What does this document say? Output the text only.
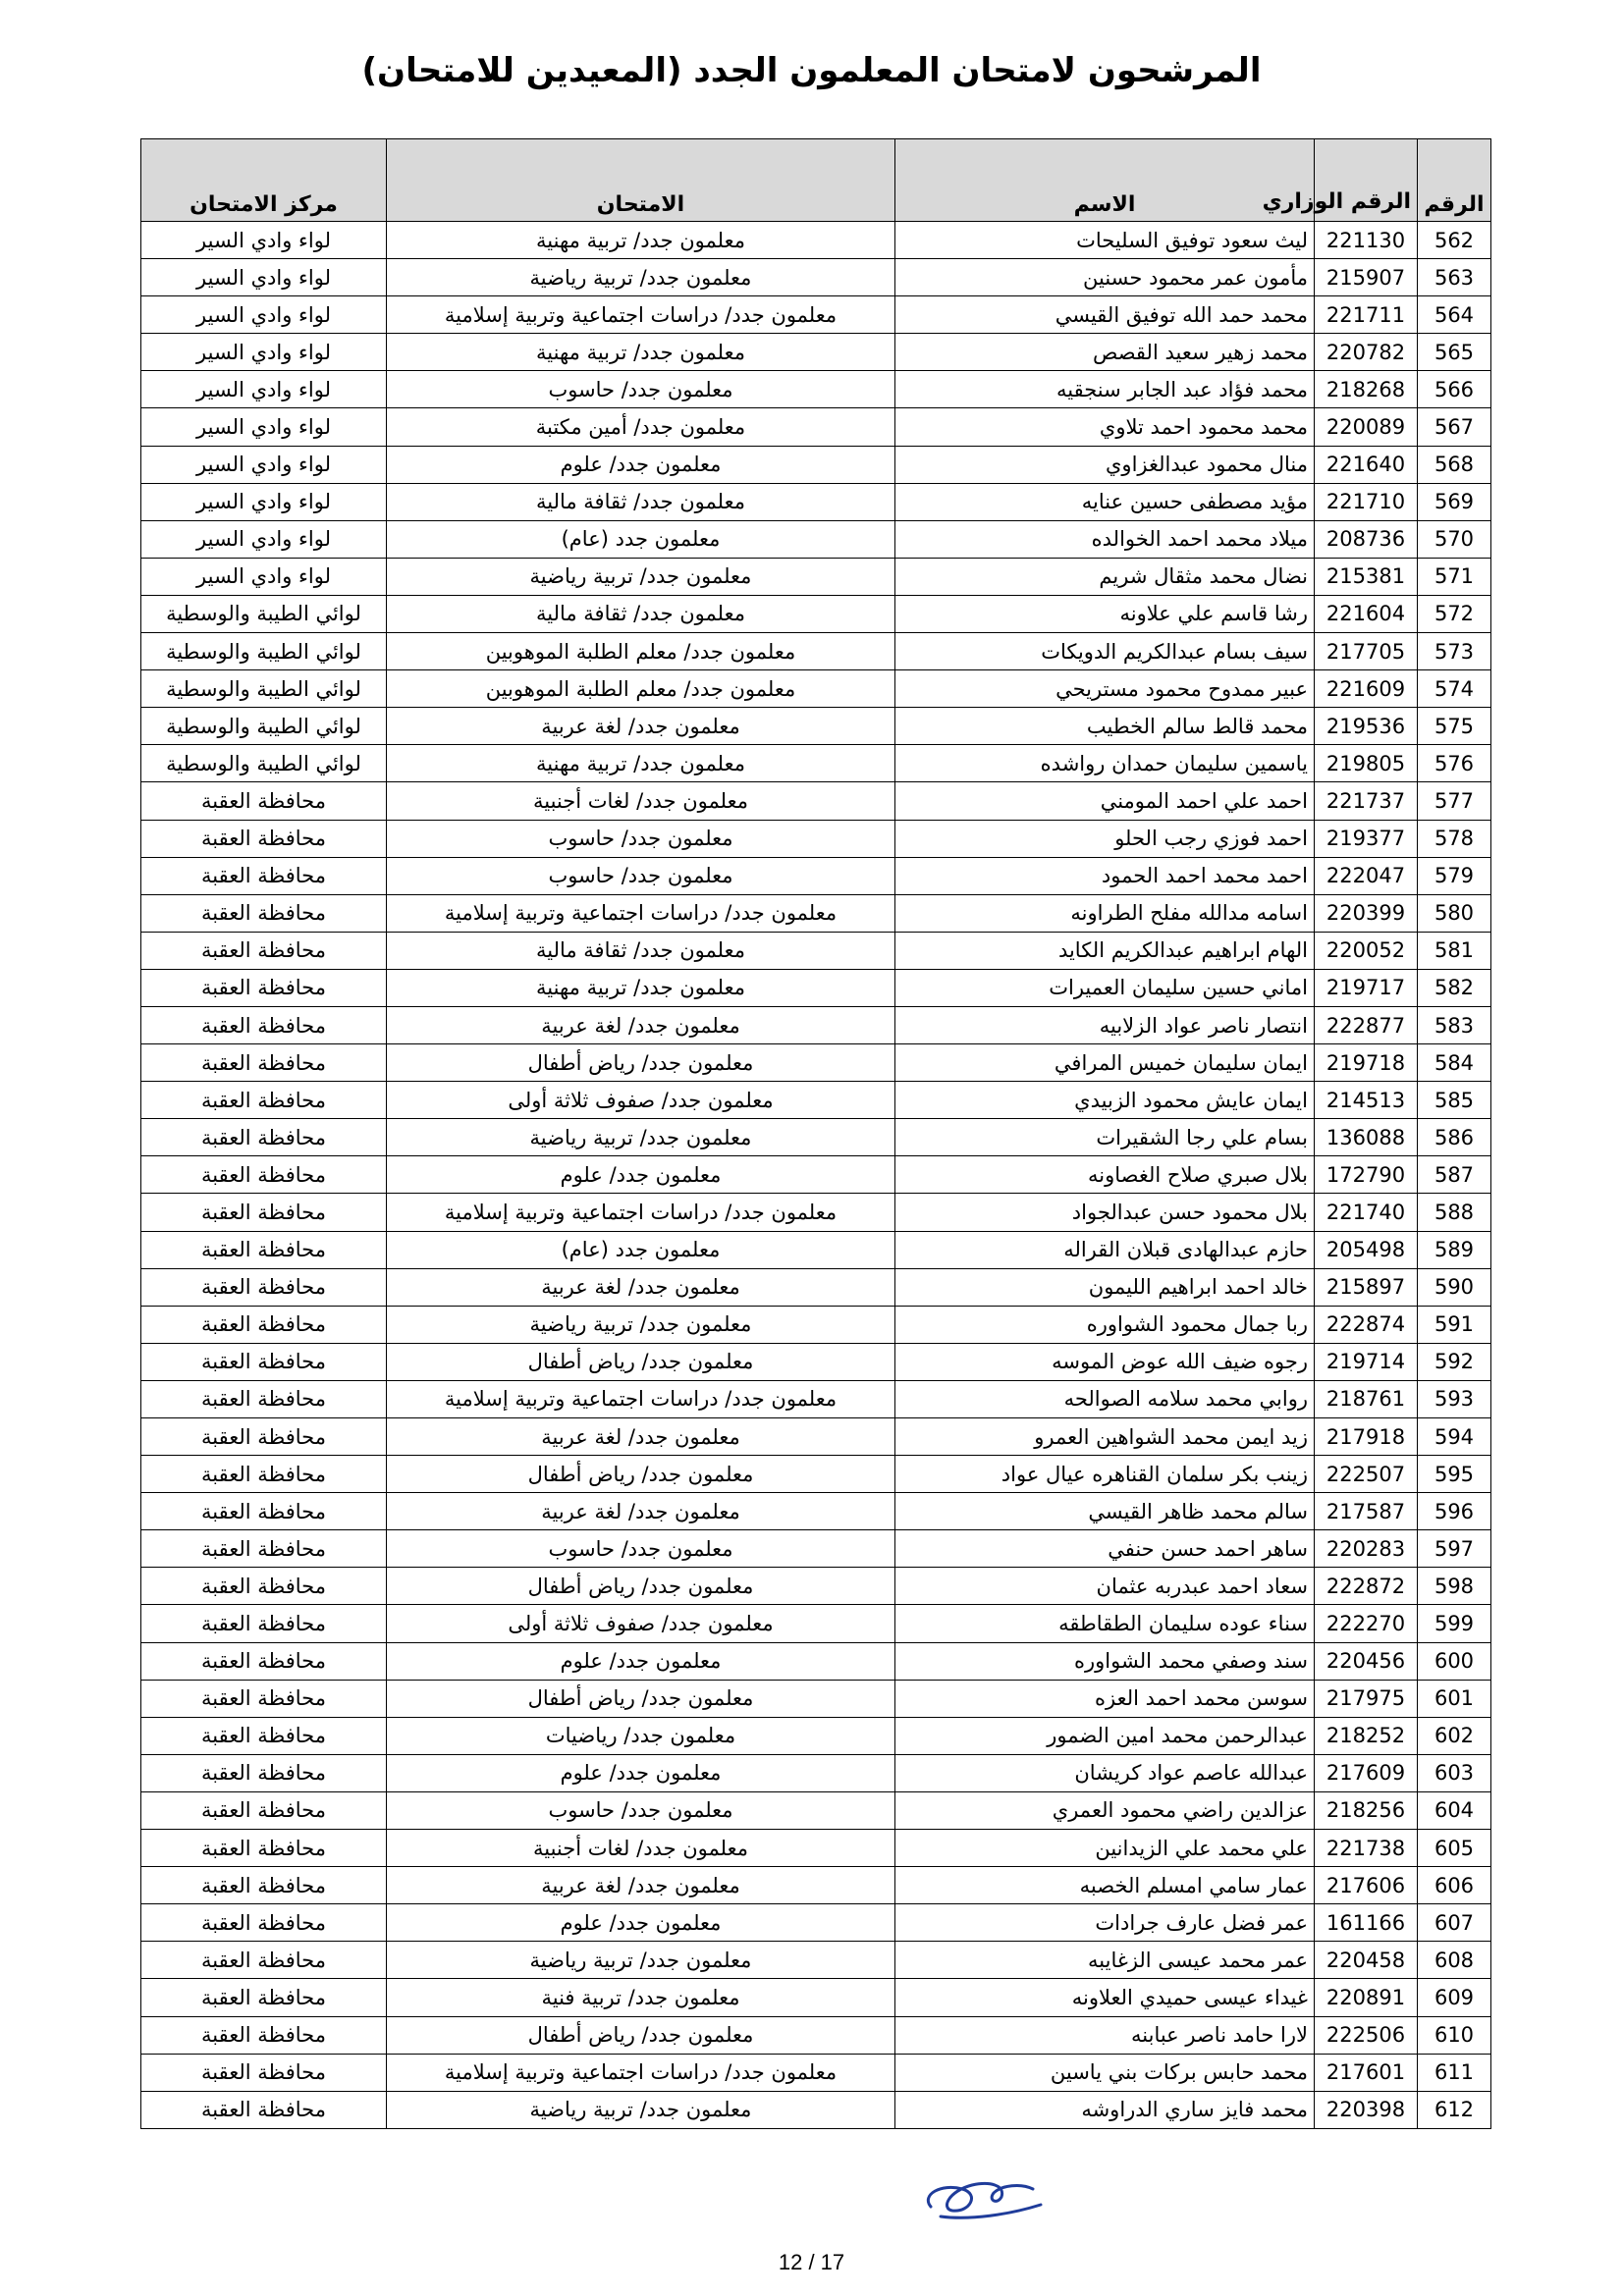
المرشحون لامتحان المعلمون الجدد (المعيدين للامتحان)
الرقم	الرقم الوزاري	الاسم	الامتحان	مركز الامتحان
562	221130	ليث سعود توفيق السليحات	معلمون جدد/ تربية مهنية	لواء وادي السير
563	215907	مأمون عمر محمود حسنين	معلمون جدد/ تربية رياضية	لواء وادي السير
564	221711	محمد حمد الله توفيق القيسي	معلمون جدد/ دراسات اجتماعية وتربية إسلامية	لواء وادي السير
565	220782	محمد زهير سعيد القصص	معلمون جدد/ تربية مهنية	لواء وادي السير
566	218268	محمد فؤاد عبد الجابر سنجقيه	معلمون جدد/ حاسوب	لواء وادي السير
567	220089	محمد محمود احمد تلاوي	معلمون جدد/ أمين مكتبة	لواء وادي السير
568	221640	منال محمود عبدالغزاوي	معلمون جدد/ علوم	لواء وادي السير
569	221710	مؤيد مصطفى حسين عنايه	معلمون جدد/ ثقافة مالية	لواء وادي السير
570	208736	ميلاد محمد احمد الخوالده	معلمون جدد (عام)	لواء وادي السير
571	215381	نضال محمد مثقال شريم	معلمون جدد/ تربية رياضية	لواء وادي السير
572	221604	رشا قاسم علي علاونه	معلمون جدد/ ثقافة مالية	لوائي الطيبة والوسطية
573	217705	سيف بسام عبدالكريم الدويكات	معلمون جدد/ معلم الطلبة الموهوبين	لوائي الطيبة والوسطية
574	221609	عبير ممدوح محمود مستريحي	معلمون جدد/ معلم الطلبة الموهوبين	لوائي الطيبة والوسطية
575	219536	محمد قالط سالم الخطيب	معلمون جدد/ لغة عربية	لوائي الطيبة والوسطية
576	219805	ياسمين سليمان حمدان رواشده	معلمون جدد/ تربية مهنية	لوائي الطيبة والوسطية
577	221737	احمد علي احمد المومني	معلمون جدد/ لغات أجنبية	محافظة العقبة
578	219377	احمد فوزي رجب الحلو	معلمون جدد/ حاسوب	محافظة العقبة
579	222047	احمد محمد احمد الحمود	معلمون جدد/ حاسوب	محافظة العقبة
580	220399	اسامه مدالله مفلح الطراونه	معلمون جدد/ دراسات اجتماعية وتربية إسلامية	محافظة العقبة
581	220052	الهام ابراهيم عبدالكريم الكايد	معلمون جدد/ ثقافة مالية	محافظة العقبة
582	219717	اماني حسين سليمان العميرات	معلمون جدد/ تربية مهنية	محافظة العقبة
583	222877	انتصار ناصر عواد الزلابيه	معلمون جدد/ لغة عربية	محافظة العقبة
584	219718	ايمان سليمان خميس المرافي	معلمون جدد/ رياض أطفال	محافظة العقبة
585	214513	ايمان عايش محمود الزبيدي	معلمون جدد/ صفوف ثلاثة أولى	محافظة العقبة
586	136088	بسام علي رجا الشقيرات	معلمون جدد/ تربية رياضية	محافظة العقبة
587	172790	بلال صبري صلاح الغصاونه	معلمون جدد/ علوم	محافظة العقبة
588	221740	بلال محمود حسن عبدالجواد	معلمون جدد/ دراسات اجتماعية وتربية إسلامية	محافظة العقبة
589	205498	حازم عبدالهادى قبلان القراله	معلمون جدد (عام)	محافظة العقبة
590	215897	خالد احمد ابراهيم الليمون	معلمون جدد/ لغة عربية	محافظة العقبة
591	222874	ربا جمال محمود الشواوره	معلمون جدد/ تربية رياضية	محافظة العقبة
592	219714	رجوه ضيف الله عوض الموسه	معلمون جدد/ رياض أطفال	محافظة العقبة
593	218761	روابي محمد سلامه الصوالحه	معلمون جدد/ دراسات اجتماعية وتربية إسلامية	محافظة العقبة
594	217918	زيد ايمن محمد الشواهين العمرو	معلمون جدد/ لغة عربية	محافظة العقبة
595	222507	زينب بكر سلمان القناهره عيال عواد	معلمون جدد/ رياض أطفال	محافظة العقبة
596	217587	سالم محمد ظاهر القيسي	معلمون جدد/ لغة عربية	محافظة العقبة
597	220283	ساهر احمد حسن حنفي	معلمون جدد/ حاسوب	محافظة العقبة
598	222872	سعاد احمد عبدربه عثمان	معلمون جدد/ رياض أطفال	محافظة العقبة
599	222270	سناء عوده سليمان الطقاطقه	معلمون جدد/ صفوف ثلاثة أولى	محافظة العقبة
600	220456	سند وصفي محمد الشواوره	معلمون جدد/ علوم	محافظة العقبة
601	217975	سوسن محمد احمد العزه	معلمون جدد/ رياض أطفال	محافظة العقبة
602	218252	عبدالرحمن محمد امين الضمور	معلمون جدد/ رياضيات	محافظة العقبة
603	217609	عبدالله عاصم عواد كريشان	معلمون جدد/ علوم	محافظة العقبة
604	218256	عزالدين راضي محمود العمري	معلمون جدد/ حاسوب	محافظة العقبة
605	221738	علي محمد علي الزيدانين	معلمون جدد/ لغات أجنبية	محافظة العقبة
606	217606	عمار سامي امسلم الخصبه	معلمون جدد/ لغة عربية	محافظة العقبة
607	161166	عمر فضل عارف جرادات	معلمون جدد/ علوم	محافظة العقبة
608	220458	عمر محمد عيسى الزغايبه	معلمون جدد/ تربية رياضية	محافظة العقبة
609	220891	غيداء عيسى حميدي العلاونه	معلمون جدد/ تربية فنية	محافظة العقبة
610	222506	لارا حامد ناصر عبابنه	معلمون جدد/ رياض أطفال	محافظة العقبة
611	217601	محمد حابس بركات بني ياسين	معلمون جدد/ دراسات اجتماعية وتربية إسلامية	محافظة العقبة
612	220398	محمد فايز ساري الدراوشه	معلمون جدد/ تربية رياضية	محافظة العقبة
12 / 17
